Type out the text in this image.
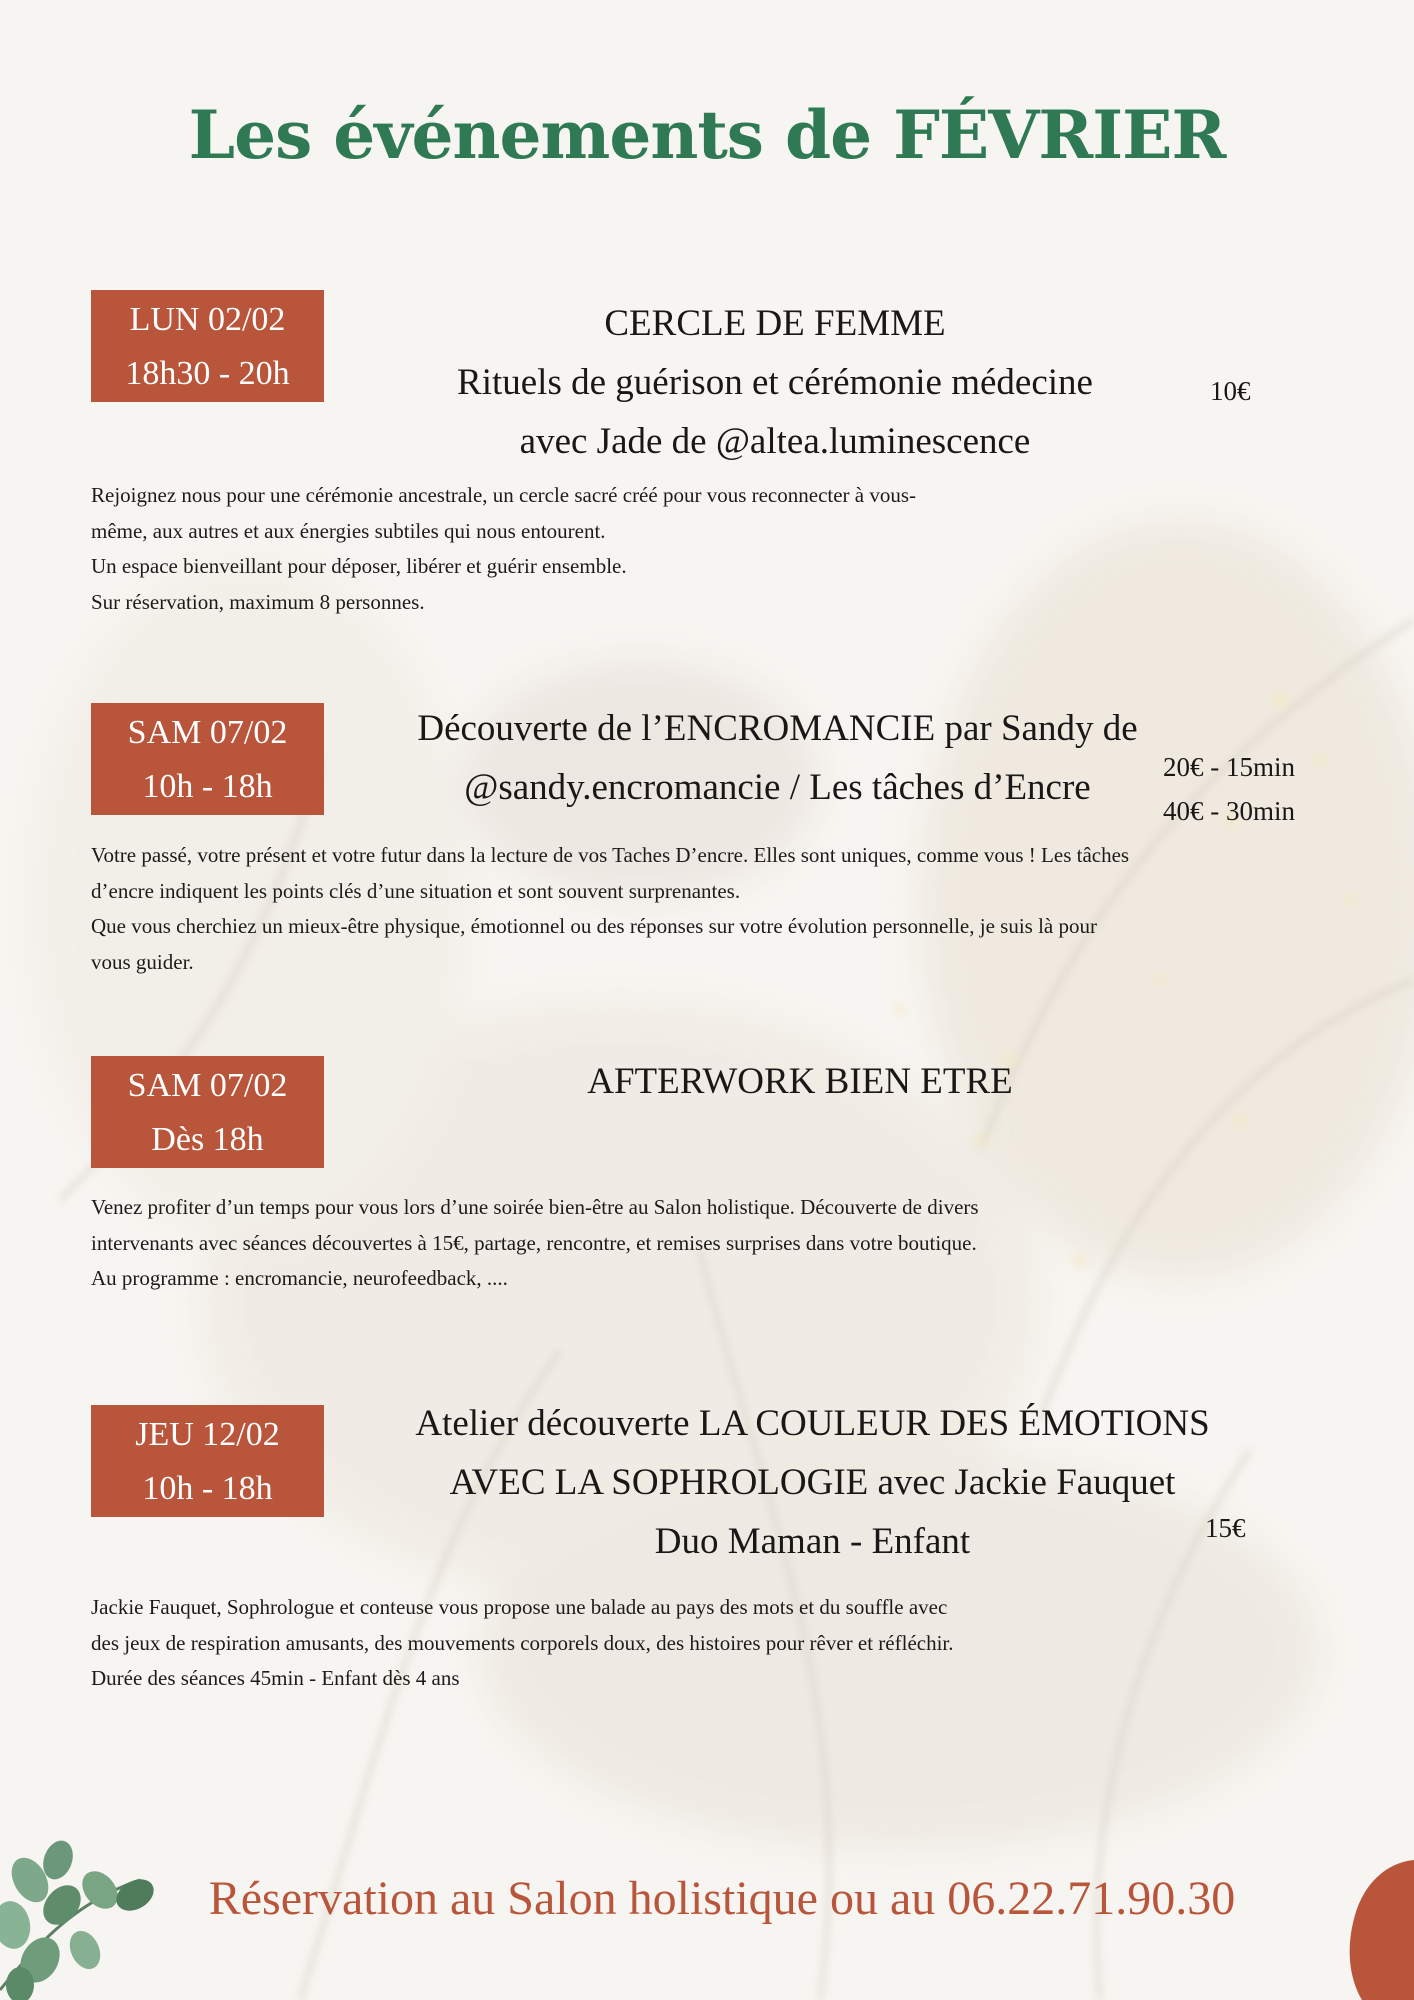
Les événements de FÉVRIER
LUN 02/02
18h30 - 20h
CERCLE DE FEMME
Rituels de guérison et cérémonie médecine
avec Jade de @altea.luminescence
10€
Rejoignez nous pour une cérémonie ancestrale, un cercle sacré créé pour vous reconnecter à vous-
même, aux autres et aux énergies subtiles qui nous entourent.
Un espace bienveillant pour déposer, libérer et guérir ensemble.
Sur réservation, maximum 8 personnes.
SAM 07/02
10h - 18h
Découverte de l’ENCROMANCIE par Sandy de
@sandy.encromancie / Les tâches d’Encre	20€ - 15min
40€ - 30min
Votre passé, votre présent et votre futur dans la lecture de vos Taches D’encre. Elles sont uniques, comme vous ! Les tâches
d’encre indiquent les points clés d’une situation et sont souvent surprenantes.
Que vous cherchiez un mieux-être physique, émotionnel ou des réponses sur votre évolution personnelle, je suis là pour
vous guider.
SAM 07/02
Dès 18h
AFTERWORK BIEN ETRE
Venez profiter d’un temps pour vous lors d’une soirée bien-être au Salon holistique. Découverte de divers
intervenants avec séances découvertes à 15€, partage, rencontre, et remises surprises dans votre boutique.
Au programme : encromancie, neurofeedback, ....
JEU 12/02
10h - 18h
Atelier découverte LA COULEUR DES ÉMOTIONS
AVEC LA SOPHROLOGIE avec Jackie Fauquet
Duo Maman - Enfant	15€
Jackie Fauquet, Sophrologue et conteuse vous propose une balade au pays des mots et du souffle avec
des jeux de respiration amusants, des mouvements corporels doux, des histoires pour rêver et réfléchir.
Durée des séances 45min - Enfant dès 4 ans
Réservation au Salon holistique ou au 06.22.71.90.30
